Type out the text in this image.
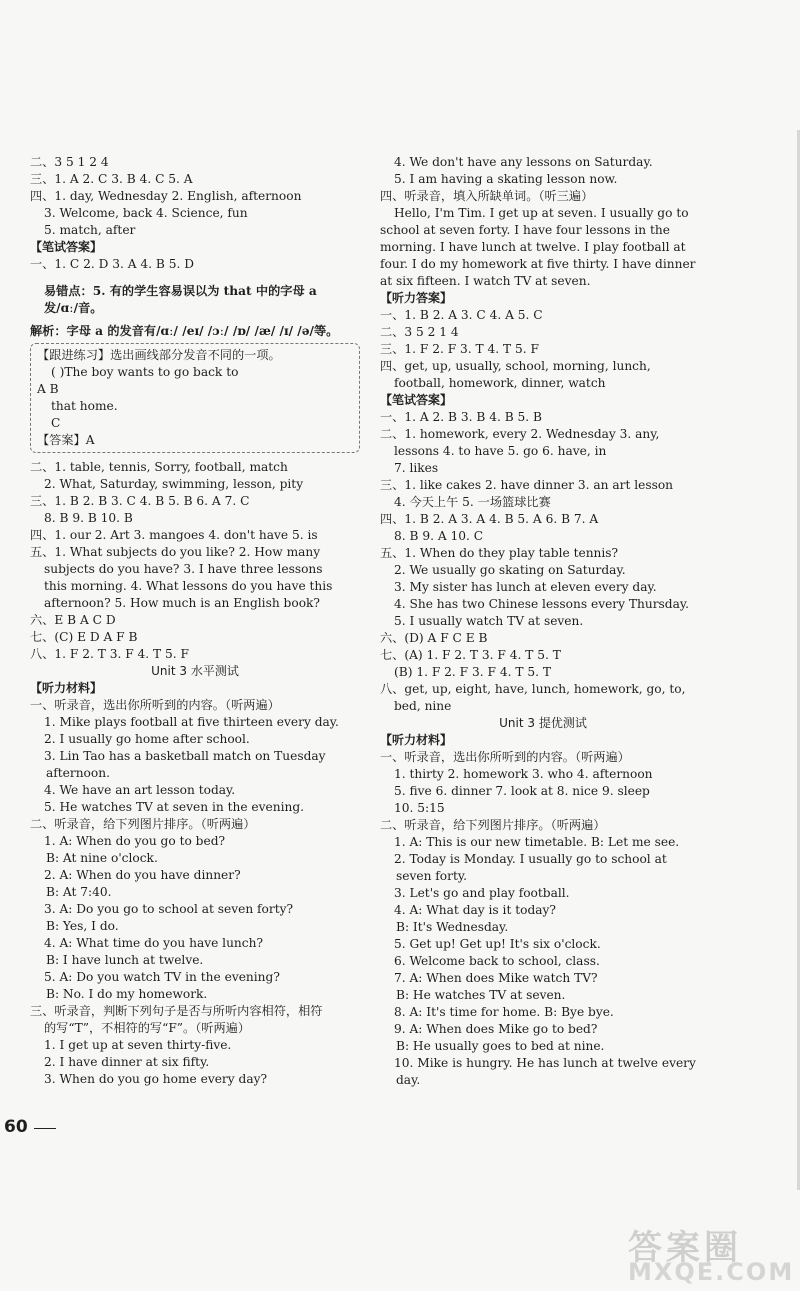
二、3 5 1 2 4
三、1. A 2. C 3. B 4. C 5. A
四、1. day, Wednesday 2. English, afternoon
3. Welcome, back 4. Science, fun
5. match, after
【笔试答案】
一、1. C 2. D 3. A 4. B 5. D
易错点：5. 有的学生容易误以为 that 中的字母 a
发/ɑː/音。
解析：字母 a 的发音有/ɑː/ /eɪ/ /ɔː/ /ɒ/ /æ/ /ɪ/ /ə/等。
【跟进练习】选出画线部分发音不同的一项。
( )The boy wants to go back to
A B
that home.
C
【答案】A
二、1. table, tennis, Sorry, football, match
2. What, Saturday, swimming, lesson, pity
三、1. B 2. B 3. C 4. B 5. B 6. A 7. C
8. B 9. B 10. B
四、1. our 2. Art 3. mangoes 4. don't have 5. is
五、1. What subjects do you like? 2. How many
subjects do you have? 3. I have three lessons
this morning. 4. What lessons do you have this
afternoon? 5. How much is an English book?
六、E B A C D
七、(C) E D A F B
八、1. F 2. T 3. F 4. T 5. F
Unit 3 水平测试
【听力材料】
一、听录音，选出你所听到的内容。（听两遍）
1. Mike plays football at five thirteen every day.
2. I usually go home after school.
3. Lin Tao has a basketball match on Tuesday
afternoon.
4. We have an art lesson today.
5. He watches TV at seven in the evening.
二、听录音，给下列图片排序。（听两遍）
1. A: When do you go to bed?
B: At nine o'clock.
2. A: When do you have dinner?
B: At 7:40.
3. A: Do you go to school at seven forty?
B: Yes, I do.
4. A: What time do you have lunch?
B: I have lunch at twelve.
5. A: Do you watch TV in the evening?
B: No. I do my homework.
三、听录音，判断下列句子是否与所听内容相符，相符
的写“T”，不相符的写“F”。（听两遍）
1. I get up at seven thirty-five.
2. I have dinner at six fifty.
3. When do you go home every day?
4. We don't have any lessons on Saturday.
5. I am having a skating lesson now.
四、听录音，填入所缺单词。（听三遍）
Hello, I'm Tim. I get up at seven. I usually go to
school at seven forty. I have four lessons in the
morning. I have lunch at twelve. I play football at
four. I do my homework at five thirty. I have dinner
at six fifteen. I watch TV at seven.
【听力答案】
一、1. B 2. A 3. C 4. A 5. C
二、3 5 2 1 4
三、1. F 2. F 3. T 4. T 5. F
四、get, up, usually, school, morning, lunch,
football, homework, dinner, watch
【笔试答案】
一、1. A 2. B 3. B 4. B 5. B
二、1. homework, every 2. Wednesday 3. any,
lessons 4. to have 5. go 6. have, in
7. likes
三、1. like cakes 2. have dinner 3. an art lesson
4. 今天上午 5. 一场篮球比赛
四、1. B 2. A 3. A 4. B 5. A 6. B 7. A
8. B 9. A 10. C
五、1. When do they play table tennis?
2. We usually go skating on Saturday.
3. My sister has lunch at eleven every day.
4. She has two Chinese lessons every Thursday.
5. I usually watch TV at seven.
六、(D) A F C E B
七、(A) 1. F 2. T 3. F 4. T 5. T
(B) 1. F 2. F 3. F 4. T 5. T
八、get, up, eight, have, lunch, homework, go, to,
bed, nine
Unit 3 提优测试
【听力材料】
一、听录音，选出你所听到的内容。（听两遍）
1. thirty 2. homework 3. who 4. afternoon
5. five 6. dinner 7. look at 8. nice 9. sleep
10. 5:15
二、听录音，给下列图片排序。（听两遍）
1. A: This is our new timetable. B: Let me see.
2. Today is Monday. I usually go to school at
seven forty.
3. Let's go and play football.
4. A: What day is it today?
B: It's Wednesday.
5. Get up! Get up! It's six o'clock.
6. Welcome back to school, class.
7. A: When does Mike watch TV?
B: He watches TV at seven.
8. A: It's time for home. B: Bye bye.
9. A: When does Mike go to bed?
B: He usually goes to bed at nine.
10. Mike is hungry. He has lunch at twelve every
day.
60
答案圈
MXQE.COM
